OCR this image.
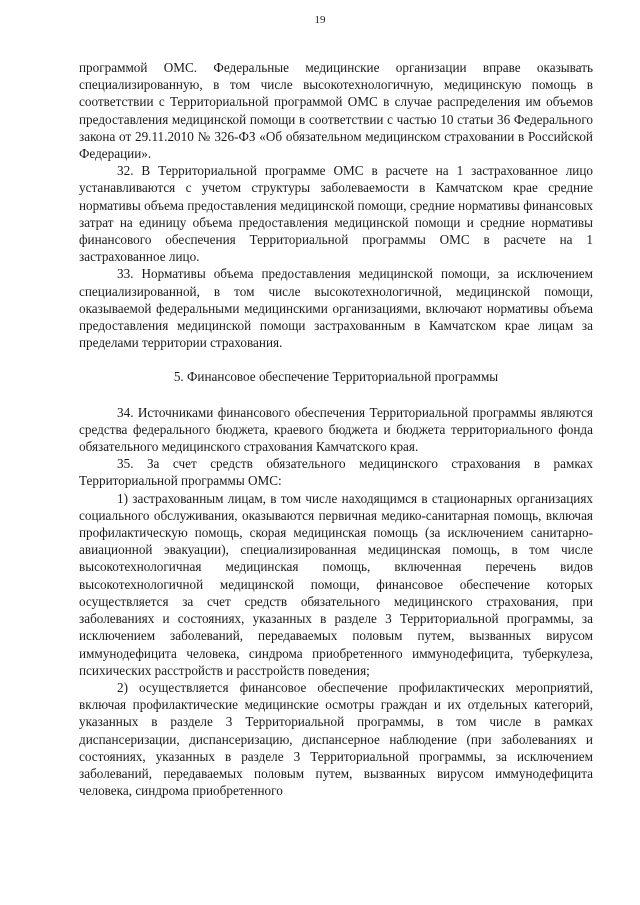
19

программой ОМС. Федеральные медицинские организации вправе оказывать специализированную, в том числе высокотехнологичную, медицинскую помощь в соответствии с Территориальной программой ОМС в случае распределения им объемов предоставления медицинской помощи в соответствии с частью 10 статьи 36 Федерального закона от 29.11.2010 № 326-ФЗ «Об обязательном медицинском страховании в Российской Федерации».

32. В Территориальной программе ОМС в расчете на 1 застрахованное лицо устанавливаются с учетом структуры заболеваемости в Камчатском крае средние нормативы объема предоставления медицинской помощи, средние нормативы финансовых затрат на единицу объема предоставления медицинской помощи и средние нормативы финансового обеспечения Территориальной программы ОМС в расчете на 1 застрахованное лицо.

33. Нормативы объема предоставления медицинской помощи, за исключением специализированной, в том числе высокотехнологичной, медицинской помощи, оказываемой федеральными медицинскими организациями, включают нормативы объема предоставления медицинской помощи застрахованным в Камчатском крае лицам за пределами территории страхования.

5. Финансовое обеспечение Территориальной программы

34. Источниками финансового обеспечения Территориальной программы являются средства федерального бюджета, краевого бюджета и бюджета территориального фонда обязательного медицинского страхования Камчатского края.

35. За счет средств обязательного медицинского страхования в рамках Территориальной программы ОМС:

1) застрахованным лицам, в том числе находящимся в стационарных организациях социального обслуживания, оказываются первичная медико-санитарная помощь, включая профилактическую помощь, скорая медицинская помощь (за исключением санитарно-авиационной эвакуации), специализированная медицинская помощь, в том числе высокотехнологичная медицинская помощь, включенная перечень видов высокотехнологичной медицинской помощи, финансовое обеспечение которых осуществляется за счет средств обязательного медицинского страхования, при заболеваниях и состояниях, указанных в разделе 3 Территориальной программы, за исключением заболеваний, передаваемых половым путем, вызванных вирусом иммунодефицита человека, синдрома приобретенного иммунодефицита, туберкулеза, психических расстройств и расстройств поведения;

2) осуществляется финансовое обеспечение профилактических мероприятий, включая профилактические медицинские осмотры граждан и их отдельных категорий, указанных в разделе 3 Территориальной программы, в том числе в рамках диспансеризации, диспансеризацию, диспансерное наблюдение (при заболеваниях и состояниях, указанных в разделе 3 Территориальной программы, за исключением заболеваний, передаваемых половым путем, вызванных вирусом иммунодефицита человека, синдрома приобретенного
